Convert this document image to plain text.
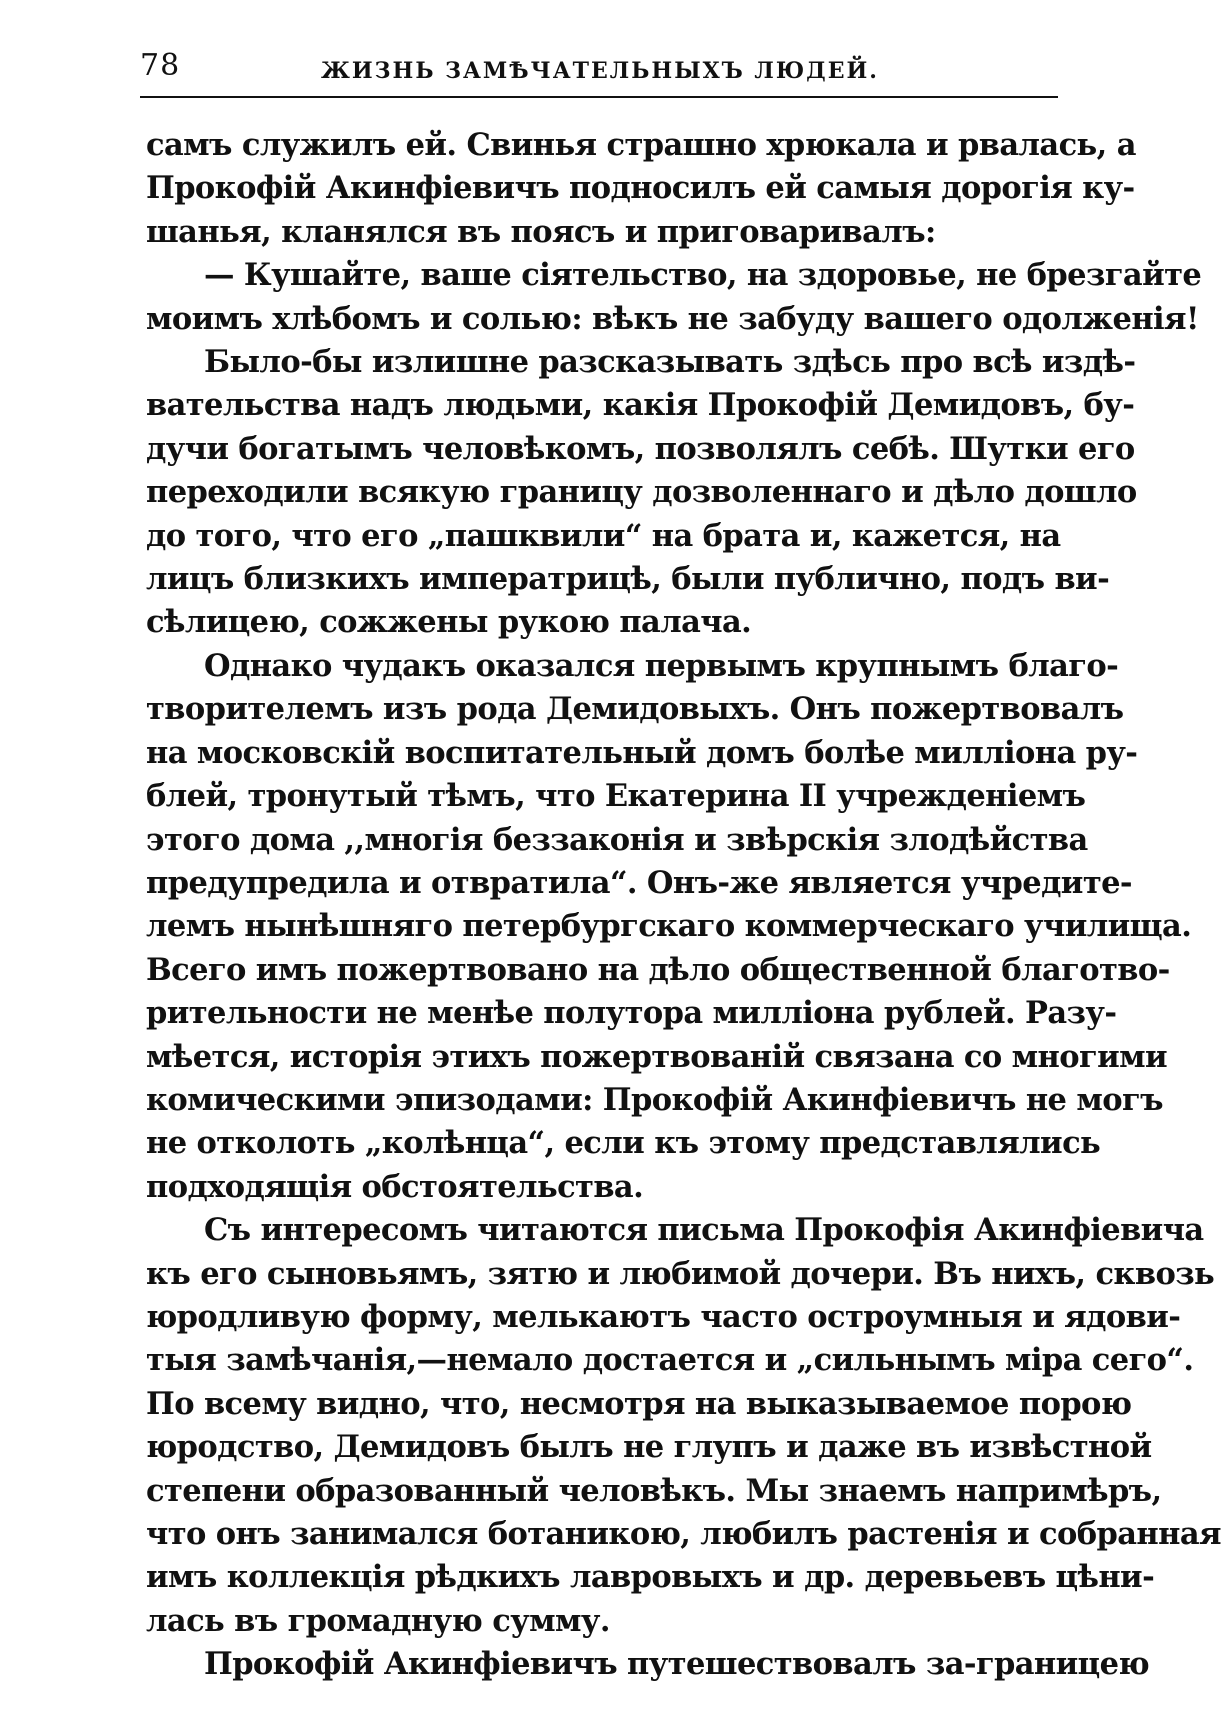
78	ЖИЗНЬ ЗАМѢЧАТЕЛЬНЫХЪ ЛЮДЕЙ.
самъ служилъ ей. Свинья страшно хрюкала и рвалась, а
Прокофій Акинфіевичъ подносилъ ей самыя дорогія ку-
шанья, кланялся въ поясъ и приговаривалъ:
— Кушайте, ваше сіятельство, на здоровье, не брезгайте
моимъ хлѣбомъ и солью: вѣкъ не забуду вашего одолженія!
Было-бы излишне разсказывать здѣсь про всѣ издѣ-
вательства надъ людьми, какія Прокофій Демидовъ, бу-
дучи богатымъ человѣкомъ, позволялъ себѣ. Шутки его
переходили всякую границу дозволеннаго и дѣло дошло
до того, что его „пашквили“ на брата и, кажется, на
лицъ близкихъ императрицѣ, были публично, подъ ви-
сѣлицею, сожжены рукою палача.
Однако чудакъ оказался первымъ крупнымъ благо-
творителемъ изъ рода Демидовыхъ. Онъ пожертвовалъ
на московскій воспитательный домъ болѣе милліона ру-
блей, тронутый тѣмъ, что Екатерина II учрежденіемъ
этого дома ,,многія беззаконія и звѣрскія злодѣйства
предупредила и отвратила“. Онъ-же является учредите-
лемъ нынѣшняго петербургскаго коммерческаго училища.
Всего имъ пожертвовано на дѣло общественной благотво-
рительности не менѣе полутора милліона рублей. Разу-
мѣется, исторія этихъ пожертвованій связана со многими
комическими эпизодами: Прокофій Акинфіевичъ не могъ
не отколоть „колѣнца“, если къ этому представлялись
подходящія обстоятельства.
Съ интересомъ читаются письма Прокофія Акинфіевича
къ его сыновьямъ, зятю и любимой дочери. Въ нихъ, сквозь
юродливую форму, мелькаютъ часто остроумныя и ядови-
тыя замѣчанія,—немало достается и „сильнымъ міра сего“.
По всему видно, что, несмотря на выказываемое порою
юродство, Демидовъ былъ не глупъ и даже въ извѣстной
степени образованный человѣкъ. Мы знаемъ напримѣръ,
что онъ занимался ботаникою, любилъ растенія и собранная
имъ коллекція рѣдкихъ лавровыхъ и др. деревьевъ цѣни-
лась въ громадную сумму.
Прокофій Акинфіевичъ путешествовалъ за-границею
